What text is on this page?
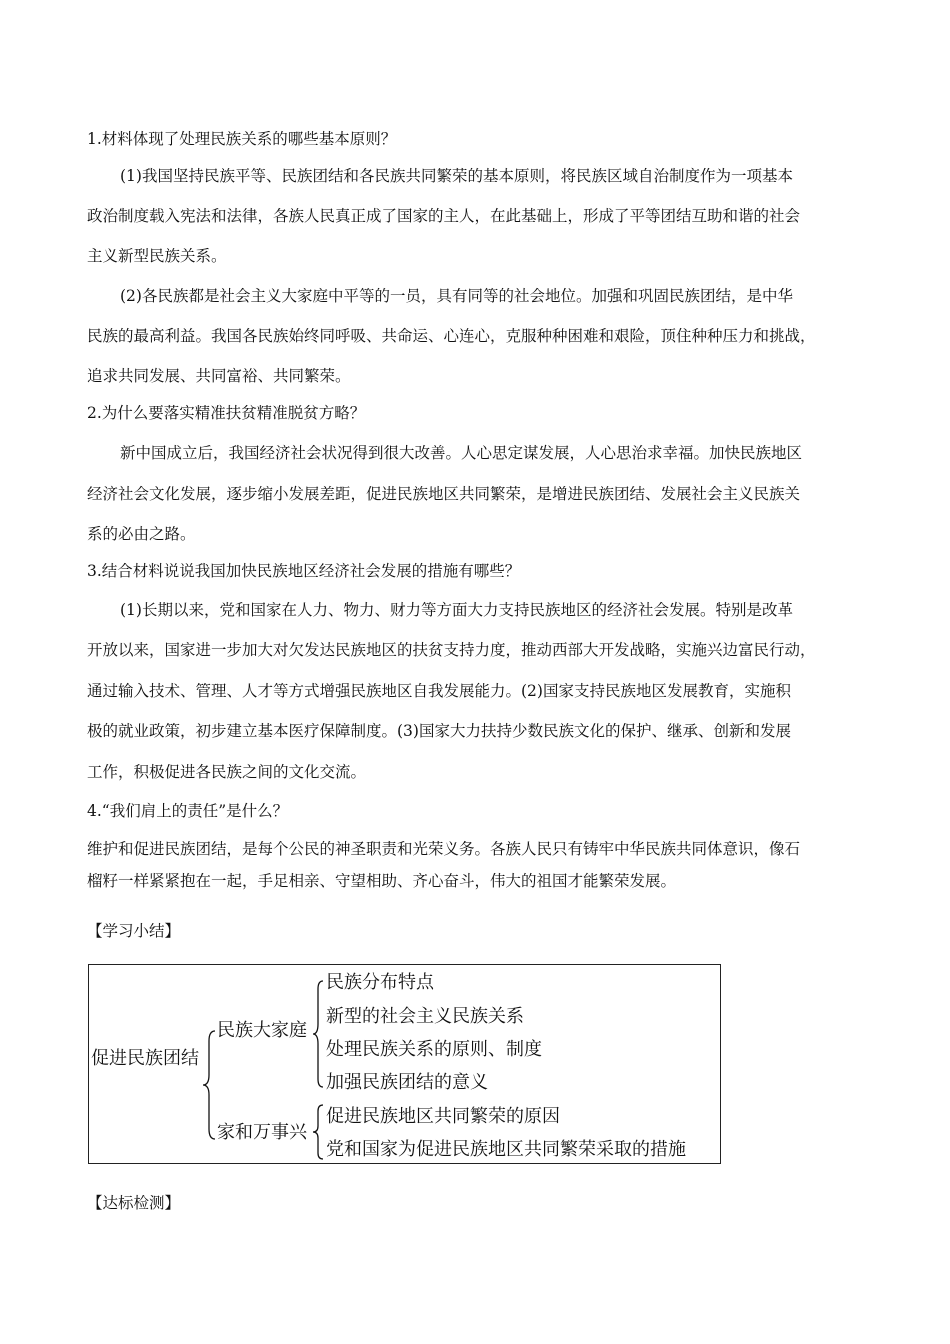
1.材料体现了处理民族关系的哪些基本原则？
(1)我国坚持民族平等、民族团结和各民族共同繁荣的基本原则，将民族区域自治制度作为一项基本
政治制度载入宪法和法律，各族人民真正成了国家的主人，在此基础上，形成了平等团结互助和谐的社会
主义新型民族关系。
(2)各民族都是社会主义大家庭中平等的一员，具有同等的社会地位。加强和巩固民族团结，是中华
民族的最高利益。我国各民族始终同呼吸、共命运、心连心，克服种种困难和艰险，顶住种种压力和挑战，
追求共同发展、共同富裕、共同繁荣。
2.为什么要落实精准扶贫精准脱贫方略？
新中国成立后，我国经济社会状况得到很大改善。人心思定谋发展，人心思治求幸福。加快民族地区
经济社会文化发展，逐步缩小发展差距，促进民族地区共同繁荣，是增进民族团结、发展社会主义民族关
系的必由之路。
3.结合材料说说我国加快民族地区经济社会发展的措施有哪些？
(1)长期以来，党和国家在人力、物力、财力等方面大力支持民族地区的经济社会发展。特别是改革
开放以来，国家进一步加大对欠发达民族地区的扶贫支持力度，推动西部大开发战略，实施兴边富民行动，
通过输入技术、管理、人才等方式增强民族地区自我发展能力。(2)国家支持民族地区发展教育，实施积
极的就业政策，初步建立基本医疗保障制度。(3)国家大力扶持少数民族文化的保护、继承、创新和发展
工作，积极促进各民族之间的文化交流。
4.“我们肩上的责任”是什么？
维护和促进民族团结，是每个公民的神圣职责和光荣义务。各族人民只有铸牢中华民族共同体意识，像石
榴籽一样紧紧抱在一起，手足相亲、守望相助、齐心奋斗，伟大的祖国才能繁荣发展。
【学习小结】
促进民族团结
民族大家庭
民族分布特点
新型的社会主义民族关系
处理民族关系的原则、制度
加强民族团结的意义
家和万事兴
促进民族地区共同繁荣的原因
党和国家为促进民族地区共同繁荣采取的措施
【达标检测】
